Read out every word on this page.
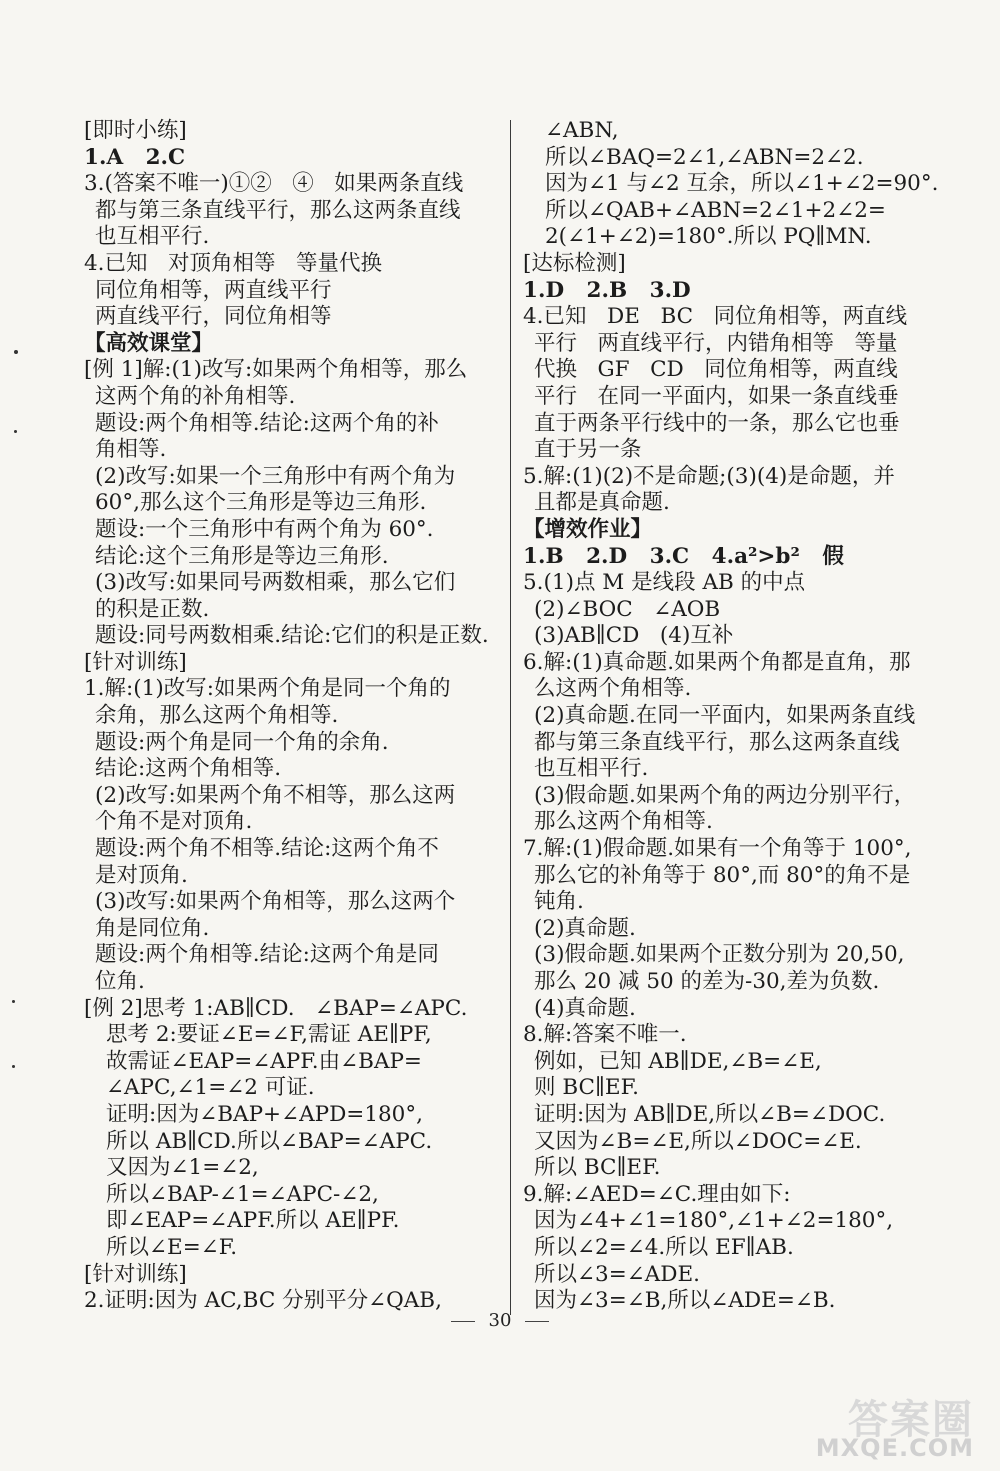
[即时小练]
1.A   2.C
3.(答案不唯一)①②   ④   如果两条直线
都与第三条直线平行，那么这两条直线
也互相平行.
4.已知   对顶角相等   等量代换
同位角相等，两直线平行
两直线平行，同位角相等
【高效课堂】
[例 1]解:(1)改写:如果两个角相等，那么
这两个角的补角相等.
题设:两个角相等.结论:这两个角的补
角相等.
(2)改写:如果一个三角形中有两个角为
60°,那么这个三角形是等边三角形.
题设:一个三角形中有两个角为 60°.
结论:这个三角形是等边三角形.
(3)改写:如果同号两数相乘，那么它们
的积是正数.
题设:同号两数相乘.结论:它们的积是正数.
[针对训练]
1.解:(1)改写:如果两个角是同一个角的
余角，那么这两个角相等.
题设:两个角是同一个角的余角.
结论:这两个角相等.
(2)改写:如果两个角不相等，那么这两
个角不是对顶角.
题设:两个角不相等.结论:这两个角不
是对顶角.
(3)改写:如果两个角相等，那么这两个
角是同位角.
题设:两个角相等.结论:这两个角是同
位角.
[例 2]思考 1:AB∥CD.   ∠BAP=∠APC.
思考 2:要证∠E=∠F,需证 AE∥PF,
故需证∠EAP=∠APF.由∠BAP=
∠APC,∠1=∠2 可证.
证明:因为∠BAP+∠APD=180°,
所以 AB∥CD.所以∠BAP=∠APC.
又因为∠1=∠2,
所以∠BAP-∠1=∠APC-∠2,
即∠EAP=∠APF.所以 AE∥PF.
所以∠E=∠F.
[针对训练]
2.证明:因为 AC,BC 分别平分∠QAB,
∠ABN,
所以∠BAQ=2∠1,∠ABN=2∠2.
因为∠1 与∠2 互余，所以∠1+∠2=90°.
所以∠QAB+∠ABN=2∠1+2∠2=
2(∠1+∠2)=180°.所以 PQ∥MN.
[达标检测]
1.D   2.B   3.D
4.已知   DE   BC   同位角相等，两直线
平行   两直线平行，内错角相等   等量
代换   GF   CD   同位角相等，两直线
平行   在同一平面内，如果一条直线垂
直于两条平行线中的一条，那么它也垂
直于另一条
5.解:(1)(2)不是命题;(3)(4)是命题，并
且都是真命题.
【增效作业】
1.B   2.D   3.C   4.a²>b²   假
5.(1)点 M 是线段 AB 的中点
(2)∠BOC   ∠AOB
(3)AB∥CD   (4)互补
6.解:(1)真命题.如果两个角都是直角，那
么这两个角相等.
(2)真命题.在同一平面内，如果两条直线
都与第三条直线平行，那么这两条直线
也互相平行.
(3)假命题.如果两个角的两边分别平行，
那么这两个角相等.
7.解:(1)假命题.如果有一个角等于 100°,
那么它的补角等于 80°,而 80°的角不是
钝角.
(2)真命题.
(3)假命题.如果两个正数分别为 20,50,
那么 20 减 50 的差为-30,差为负数.
(4)真命题.
8.解:答案不唯一.
例如，已知 AB∥DE,∠B=∠E,
则 BC∥EF.
证明:因为 AB∥DE,所以∠B=∠DOC.
又因为∠B=∠E,所以∠DOC=∠E.
所以 BC∥EF.
9.解:∠AED=∠C.理由如下:
因为∠4+∠1=180°,∠1+∠2=180°,
所以∠2=∠4.所以 EF∥AB.
所以∠3=∠ADE.
因为∠3=∠B,所以∠ADE=∠B.
30
答案圈
MXQE.COM
